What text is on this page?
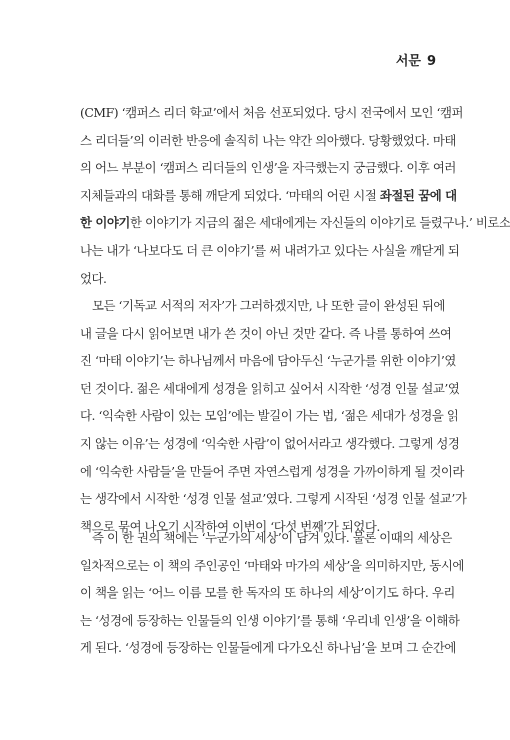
서문 9
(CMF) ‘캠퍼스 리더 학교’에서 처음 선포되었다. 당시 전국에서 모인 ‘캠퍼
스 리더들’의 이러한 반응에 솔직히 나는 약간 의아했다. 당황했었다. 마태
의 어느 부분이 ‘캠퍼스 리더들의 인생’을 자극했는지 궁금했다. 이후 여러
지체들과의 대화를 통해 깨닫게 되었다. ‘마태의 어린 시절 좌절된 꿈에 대
한 이야기한 이야기가 지금의 젊은 세대에게는 자신들의 이야기로 들렸구나.’ 비로소
나는 내가 ‘나보다도 더 큰 이야기’를 써 내려가고 있다는 사실을 깨닫게 되
었다.
모든 ‘기독교 서적의 저자’가 그러하겠지만, 나 또한 글이 완성된 뒤에
내 글을 다시 읽어보면 내가 쓴 것이 아닌 것만 같다. 즉 나를 통하여 쓰여
진 ‘마태 이야기’는 하나님께서 마음에 담아두신 ‘누군가를 위한 이야기’였
던 것이다. 젊은 세대에게 성경을 읽히고 싶어서 시작한 ‘성경 인물 설교’였
다. ‘익숙한 사람이 있는 모임’에는 발길이 가는 법, ‘젊은 세대가 성경을 읽
지 않는 이유’는 성경에 ‘익숙한 사람’이 없어서라고 생각했다. 그렇게 성경
에 ‘익숙한 사람들’을 만들어 주면 자연스럽게 성경을 가까이하게 될 것이라
는 생각에서 시작한 ‘성경 인물 설교’였다. 그렇게 시작된 ‘성경 인물 설교’가
책으로 묶여 나오기 시작하여 이번이 ‘다섯 번째’가 되었다.
즉 이 한 권의 책에는 ‘누군가의 세상’이 담겨 있다. 물론 이때의 세상은
일차적으로는 이 책의 주인공인 ‘마태와 마가의 세상’을 의미하지만, 동시에
이 책을 읽는 ‘어느 이름 모를 한 독자의 또 하나의 세상’이기도 하다. 우리
는 ‘성경에 등장하는 인물들의 인생 이야기’를 통해 ‘우리네 인생’을 이해하
게 된다. ‘성경에 등장하는 인물들에게 다가오신 하나님’을 보며 그 순간에
